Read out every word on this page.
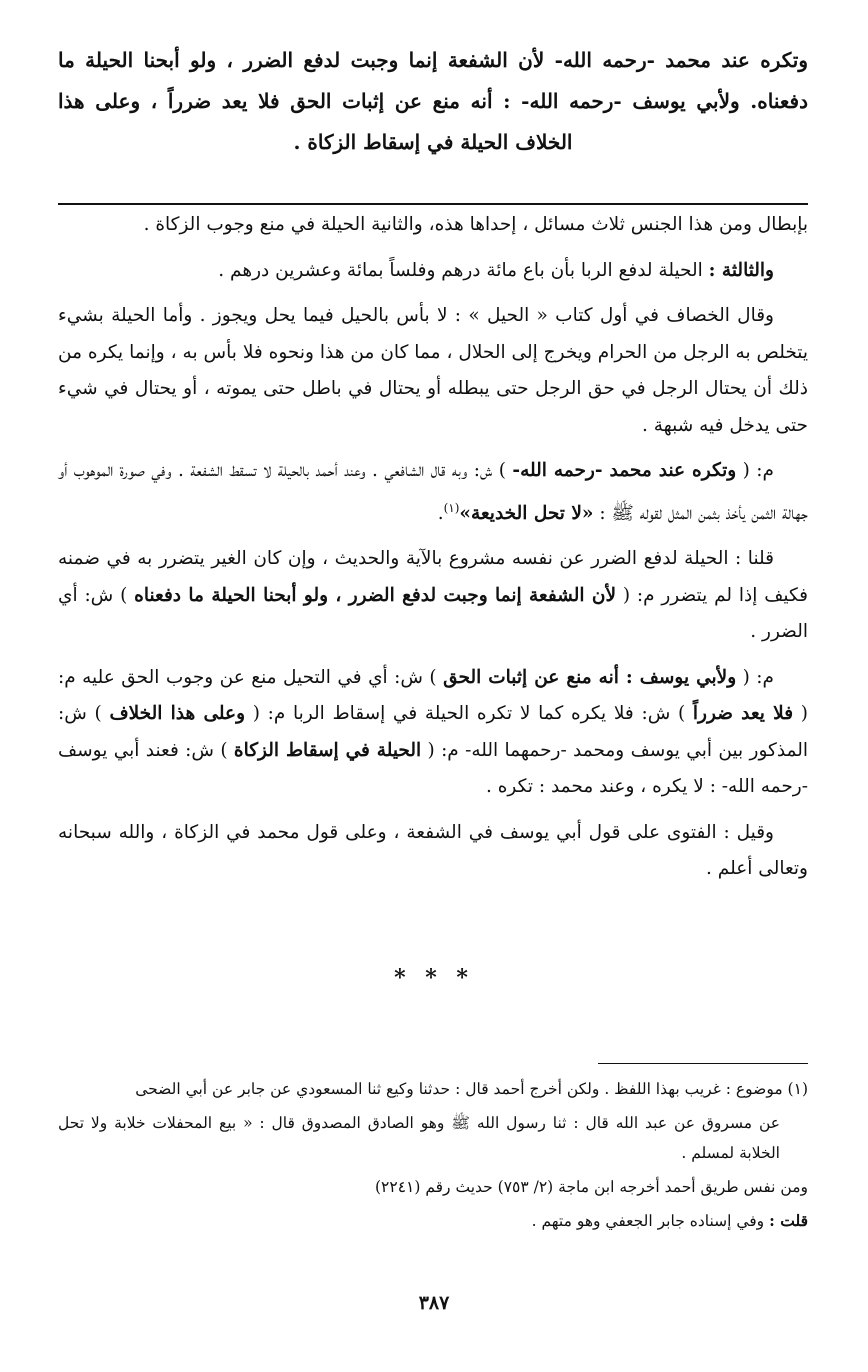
وتكره عند محمد -رحمه الله- لأن الشفعة إنما وجبت لدفع الضرر ، ولو أبحنا الحيلة ما دفعناه. ولأبي يوسف -رحمه الله- : أنه منع عن إثبات الحق فلا يعد ضرراً ، وعلى هذا الخلاف الحيلة في إسقاط الزكاة .

بإبطال ومن هذا الجنس ثلاث مسائل ، إحداها هذه، والثانية الحيلة في منع وجوب الزكاة .

والثالثة : الحيلة لدفع الربا بأن باع مائة درهم وفلساً بمائة وعشرين درهم .

وقال الخصاف في أول كتاب « الحيل » : لا بأس بالحيل فيما يحل ويجوز . وأما الحيلة بشيء يتخلص به الرجل من الحرام ويخرج إلى الحلال ، مما كان من هذا ونحوه فلا بأس به ، وإنما يكره من ذلك أن يحتال الرجل في حق الرجل حتى يبطله أو يحتال في باطل حتى يموته ، أو يحتال في شيء حتى يدخل فيه شبهة .

م: ( وتكره عند محمد -رحمه الله- ) ش: وبه قال الشافعي . وعند أحمد بالحيلة لا تسقط الشفعة . وفي صورة الموهوب أو جهالة الثمن يأخذ بثمن المثل لقوله ﷺ : «لا تحل الخديعة»$^{(١)}$.

قلنا : الحيلة لدفع الضرر عن نفسه مشروع بالآية والحديث ، وإن كان الغير يتضرر به في ضمنه فكيف إذا لم يتضرر م: ( لأن الشفعة إنما وجبت لدفع الضرر ، ولو أبحنا الحيلة ما دفعناه ) ش: أي الضرر .

م: ( ولأبي يوسف : أنه منع عن إثبات الحق ) ش: أي في التحيل منع عن وجوب الحق عليه م: ( فلا يعد ضرراً ) ش: فلا يكره كما لا تكره الحيلة في إسقاط الربا م: ( وعلى هذا الخلاف ) ش: المذكور بين أبي يوسف ومحمد -رحمهما الله- م: ( الحيلة في إسقاط الزكاة ) ش: فعند أبي يوسف -رحمه الله- : لا يكره ، وعند محمد : تكره .

وقيل : الفتوى على قول أبي يوسف في الشفعة ، وعلى قول محمد في الزكاة ، والله سبحانه وتعالى أعلم .

* * *

(١) موضوع : غريب بهذا اللفظ . ولكن أخرج أحمد قال : حدثنا وكيع ثنا المسعودي عن جابر عن أبي الضحى

عن مسروق عن عبد الله قال : ثنا رسول الله ﷺ وهو الصادق المصدوق قال : « بيع المحفلات خلابة ولا تحل الخلابة لمسلم .

ومن نفس طريق أحمد أخرجه ابن ماجة (٢/ ٧٥٣) حديث رقم (٢٢٤١)

قلت : وفي إسناده جابر الجعفي وهو متهم .

٣٨٧
